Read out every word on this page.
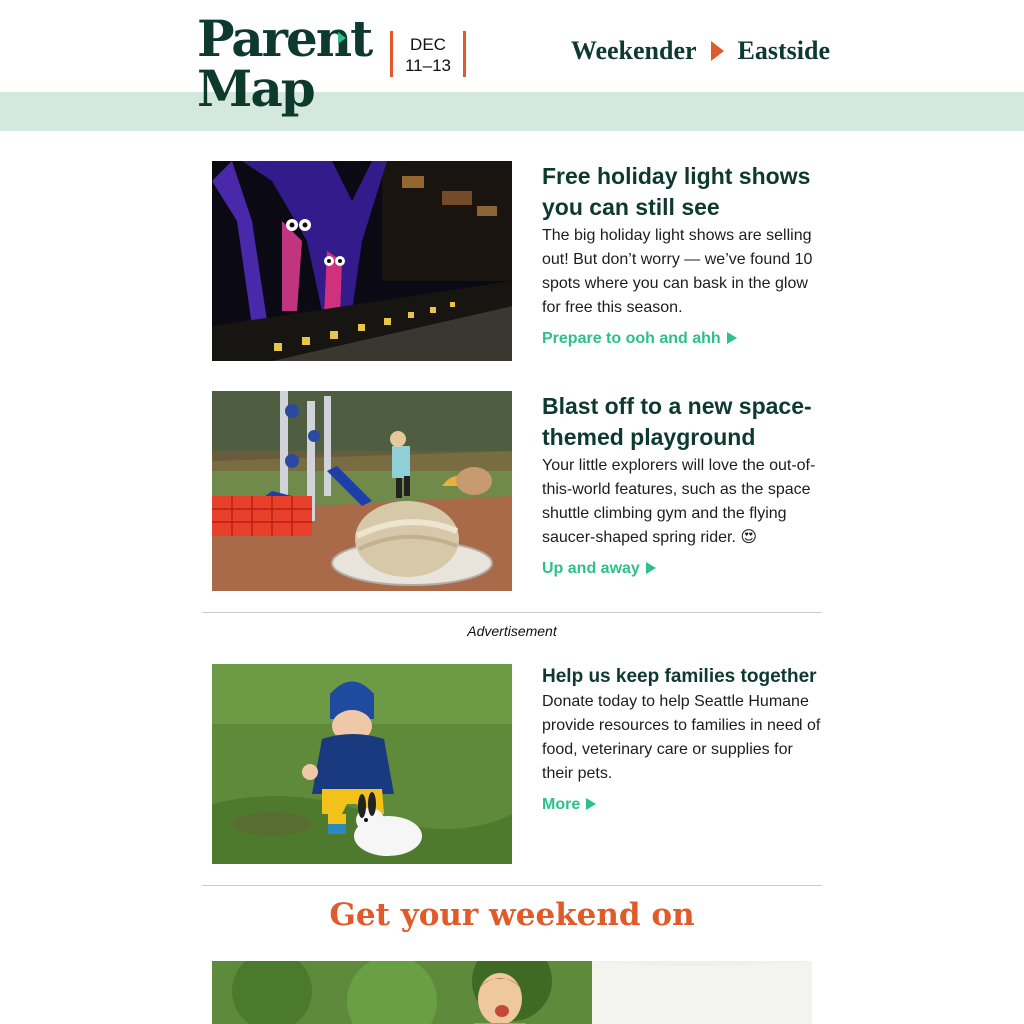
Parent
Map
DEC
11–13
Weekender Eastside
Free holiday light shows you can still see

The big holiday light shows are selling out! But don’t worry — we’ve found 10 spots where you can bask in the glow for free this season.

Prepare to ooh and ahh
Blast off to a new space-themed playground

Your little explorers will love the out-of-this-world features, such as the space shuttle climbing gym and the flying saucer-shaped spring rider. 😍

Up and away
Advertisement
Help us keep families together

Donate today to help Seattle Humane provide resources to families in need of food, veterinary care or supplies for their pets.

More
Get your weekend on
